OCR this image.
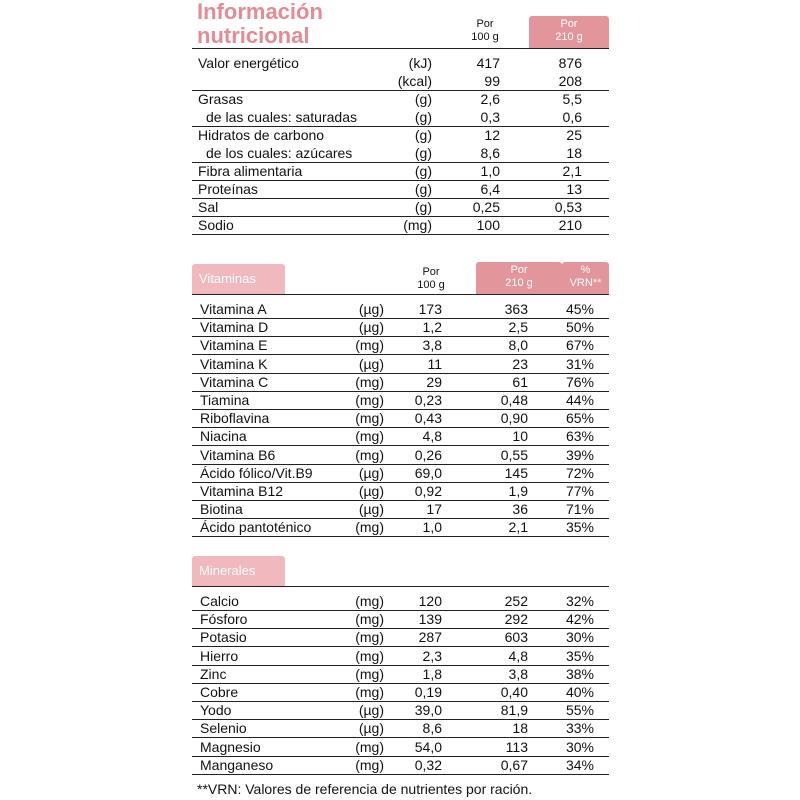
Información
nutricional	Por
100 g
Por
210 g
Valor energético	(kJ)	417	876
(kcal)	99	208
Grasas	(g)	2,6	5,5
de las cuales: saturadas	(g)	0,3	0,6
Hidratos de carbono	(g)	12	25
de los cuales: azúcares	(g)	8,6	18
Fibra alimentaria	(g)	1,0	2,1
Proteínas	(g)	6,4	13
Sal	(g)	0,25	0,53
Sodio	(mg)	100	210
Vitaminas	Por
100 g
Por
210 g
%
VRN**
Vitamina A	(µg)	173	363	45%
Vitamina D	(µg)	1,2	2,5	50%
Vitamina E	(mg)	3,8	8,0	67%
Vitamina K	(µg)	11	23	31%
Vitamina C	(mg)	29	61	76%
Tiamina	(mg)	0,23	0,48	44%
Riboflavina	(mg)	0,43	0,90	65%
Niacina	(mg)	4,8	10	63%
Vitamina B6	(mg)	0,26	0,55	39%
Ácido fólico/Vit.B9	(µg)	69,0	145	72%
Vitamina B12	(µg)	0,92	1,9	77%
Biotina	(µg)	17	36	71%
Ácido pantoténico	(mg)	1,0	2,1	35%
Minerales
Calcio	(mg)	120	252	32%
Fósforo	(mg)	139	292	42%
Potasio	(mg)	287	603	30%
Hierro	(mg)	2,3	4,8	35%
Zinc	(mg)	1,8	3,8	38%
Cobre	(mg)	0,19	0,40	40%
Yodo	(µg)	39,0	81,9	55%
Selenio	(µg)	8,6	18	33%
Magnesio	(mg)	54,0	113	30%
Manganeso	(mg)	0,32	0,67	34%
**VRN: Valores de referencia de nutrientes por ración.
